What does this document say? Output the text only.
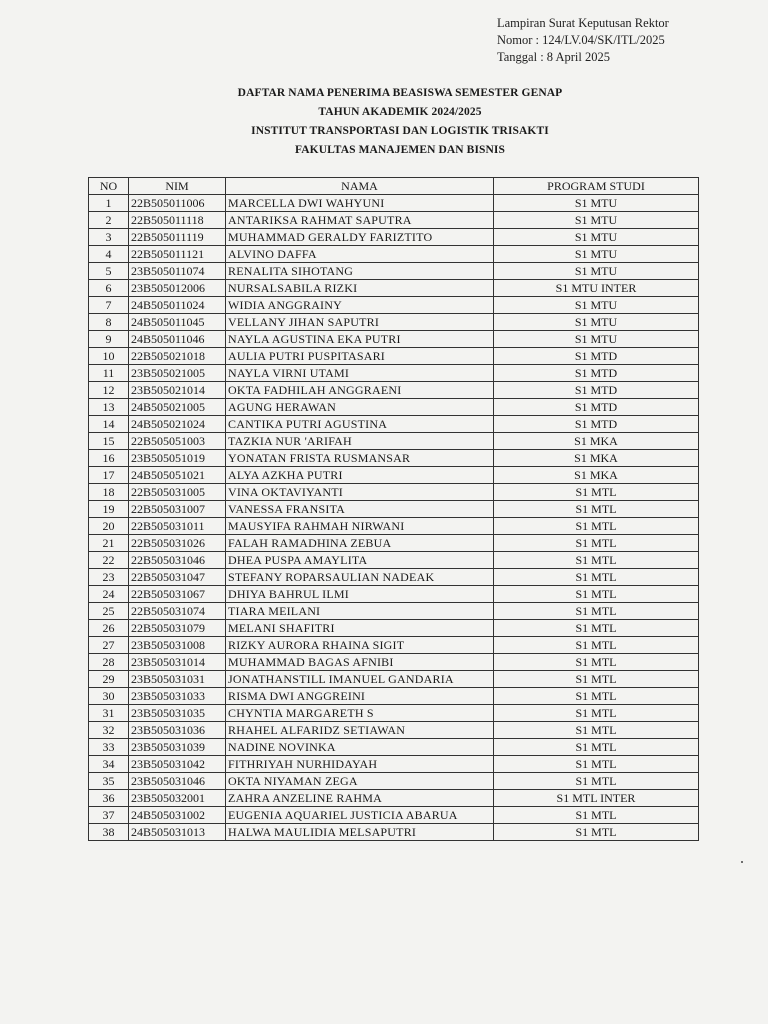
Lampiran Surat Keputusan Rektor
Nomor : 124/LV.04/SK/ITL/2025
Tanggal : 8 April 2025
DAFTAR NAMA PENERIMA BEASISWA SEMESTER GENAP
TAHUN AKADEMIK 2024/2025
INSTITUT TRANSPORTASI DAN LOGISTIK TRISAKTI
FAKULTAS MANAJEMEN DAN BISNIS
NO	NIM	NAMA	PROGRAM STUDI
1	22B505011006	MARCELLA DWI WAHYUNI	S1 MTU
2	22B505011118	ANTARIKSA RAHMAT SAPUTRA	S1 MTU
3	22B505011119	MUHAMMAD GERALDY FARIZTITO	S1 MTU
4	22B505011121	ALVINO DAFFA	S1 MTU
5	23B505011074	RENALITA SIHOTANG	S1 MTU
6	23B505012006	NURSALSABILA RIZKI	S1 MTU INTER
7	24B505011024	WIDIA ANGGRAINY	S1 MTU
8	24B505011045	VELLANY JIHAN SAPUTRI	S1 MTU
9	24B505011046	NAYLA AGUSTINA EKA PUTRI	S1 MTU
10	22B505021018	AULIA PUTRI PUSPITASARI	S1 MTD
11	23B505021005	NAYLA VIRNI UTAMI	S1 MTD
12	23B505021014	OKTA FADHILAH ANGGRAENI	S1 MTD
13	24B505021005	AGUNG HERAWAN	S1 MTD
14	24B505021024	CANTIKA PUTRI AGUSTINA	S1 MTD
15	22B505051003	TAZKIA NUR 'ARIFAH	S1 MKA
16	23B505051019	YONATAN FRISTA RUSMANSAR	S1 MKA
17	24B505051021	ALYA AZKHA PUTRI	S1 MKA
18	22B505031005	VINA OKTAVIYANTI	S1 MTL
19	22B505031007	VANESSA FRANSITA	S1 MTL
20	22B505031011	MAUSYIFA RAHMAH NIRWANI	S1 MTL
21	22B505031026	FALAH RAMADHINA ZEBUA	S1 MTL
22	22B505031046	DHEA PUSPA AMAYLITA	S1 MTL
23	22B505031047	STEFANY ROPARSAULIAN NADEAK	S1 MTL
24	22B505031067	DHIYA BAHRUL ILMI	S1 MTL
25	22B505031074	TIARA MEILANI	S1 MTL
26	22B505031079	MELANI SHAFITRI	S1 MTL
27	23B505031008	RIZKY AURORA RHAINA SIGIT	S1 MTL
28	23B505031014	MUHAMMAD BAGAS AFNIBI	S1 MTL
29	23B505031031	JONATHANSTILL IMANUEL GANDARIA	S1 MTL
30	23B505031033	RISMA DWI ANGGREINI	S1 MTL
31	23B505031035	CHYNTIA MARGARETH S	S1 MTL
32	23B505031036	RHAHEL ALFARIDZ SETIAWAN	S1 MTL
33	23B505031039	NADINE NOVINKA	S1 MTL
34	23B505031042	FITHRIYAH NURHIDAYAH	S1 MTL
35	23B505031046	OKTA NIYAMAN ZEGA	S1 MTL
36	23B505032001	ZAHRA ANZELINE RAHMA	S1 MTL INTER
37	24B505031002	EUGENIA AQUARIEL JUSTICIA ABARUA	S1 MTL
38	24B505031013	HALWA MAULIDIA MELSAPUTRI	S1 MTL
